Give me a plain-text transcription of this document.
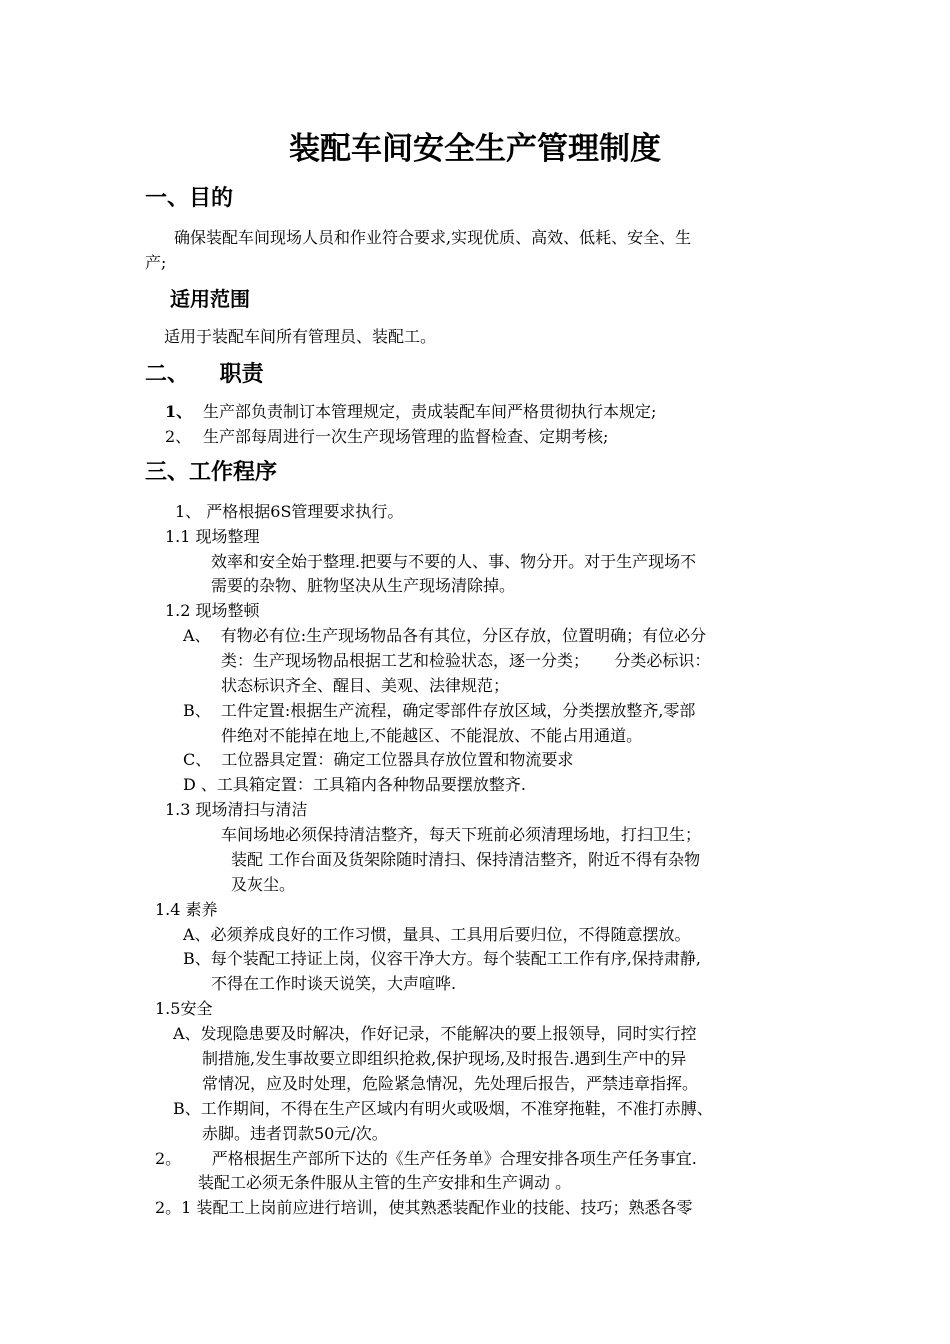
装配车间安全生产管理制度
一、目的
确保装配车间现场人员和作业符合要求,实现优质、高效、低耗、安全、生
产;
适用范围
适用于装配车间所有管理员、装配工。
二、    职责
1、 生产部负责制订本管理规定，责成装配车间严格贯彻执行本规定;
2、 生产部每周进行一次生产现场管理的监督检查、定期考核;
三、工作程序
1、 严格根据6S管理要求执行。
1.1 现场整理
效率和安全始于整理.把要与不要的人、事、物分开。对于生产现场不
需要的杂物、脏物坚决从生产现场清除掉。
1.2 现场整顿
A、  有物必有位:生产现场物品各有其位，分区存放，位置明确；有位必分
类：生产现场物品根据工艺和检验状态，逐一分类；     分类必标识：
状态标识齐全、醒目、美观、法律规范；
B、  工件定置:根据生产流程，确定零部件存放区域，分类摆放整齐,零部
件绝对不能掉在地上,不能越区、不能混放、不能占用通道。
C、  工位器具定置：确定工位器具存放位置和物流要求
D 、工具箱定置：工具箱内各种物品要摆放整齐.
1.3 现场清扫与清洁
车间场地必须保持清洁整齐，每天下班前必须清理场地，打扫卫生；
装配 工作台面及货架除随时清扫、保持清洁整齐，附近不得有杂物
及灰尘。
1.4 素养
A、必须养成良好的工作习惯，量具、工具用后要归位，不得随意摆放。
B、每个装配工持证上岗，仪容干净大方。每个装配工工作有序,保持肃静,
不得在工作时谈天说笑，大声喧哗.
1.5安全
A、发现隐患要及时解决，作好记录，不能解决的要上报领导，同时实行控
制措施,发生事故要立即组织抢救,保护现场,及时报告.遇到生产中的异
常情况，应及时处理，危险紧急情况，先处理后报告，严禁违章指挥。
B、工作期间，不得在生产区域内有明火或吸烟，不准穿拖鞋，不准打赤膊、
赤脚。违者罚款50元/次。
2。      严格根据生产部所下达的《生产任务单》合理安排各项生产任务事宜.
装配工必须无条件服从主管的生产安排和生产调动 。
2。1 装配工上岗前应进行培训，使其熟悉装配作业的技能、技巧；熟悉各零
